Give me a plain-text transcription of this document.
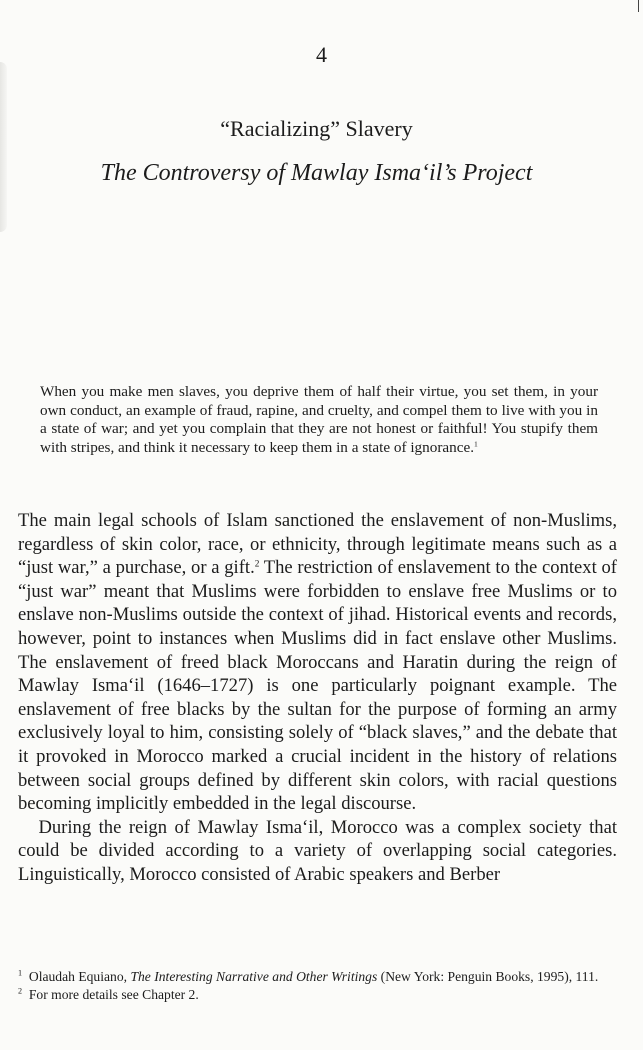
4
“Racializing” Slavery
The Controversy of Mawlay Isma‘il’s Project
When you make men slaves, you deprive them of half their virtue, you set them, in your own conduct, an example of fraud, rapine, and cruelty, and compel them to live with you in a state of war; and yet you complain that they are not honest or faithful! You stupify them with stripes, and think it necessary to keep them in a state of ignorance.$^1$

The main legal schools of Islam sanctioned the enslavement of non-Muslims, regardless of skin color, race, or ethnicity, through legitimate means such as a “just war,” a purchase, or a gift.$^2$ The restriction of enslavement to the context of “just war” meant that Muslims were forbidden to enslave free Muslims or to enslave non-Muslims outside the context of jihad. Historical events and records, however, point to instances when Muslims did in fact enslave other Muslims. The enslavement of freed black Moroccans and Haratin during the reign of Mawlay Isma‘il (1646–1727) is one particularly poignant example. The enslavement of free blacks by the sultan for the purpose of forming an army exclusively loyal to him, consisting solely of “black slaves,” and the debate that it provoked in Morocco marked a crucial incident in the history of relations between social groups defined by different skin colors, with racial questions becoming implicitly embedded in the legal discourse.

During the reign of Mawlay Isma‘il, Morocco was a complex society that could be divided according to a variety of overlapping social categories. Linguistically, Morocco consisted of Arabic speakers and Berber

$^1$ Olaudah Equiano, The Interesting Narrative and Other Writings (New York: Penguin Books, 1995), 111.
$^2$ For more details see Chapter 2.
